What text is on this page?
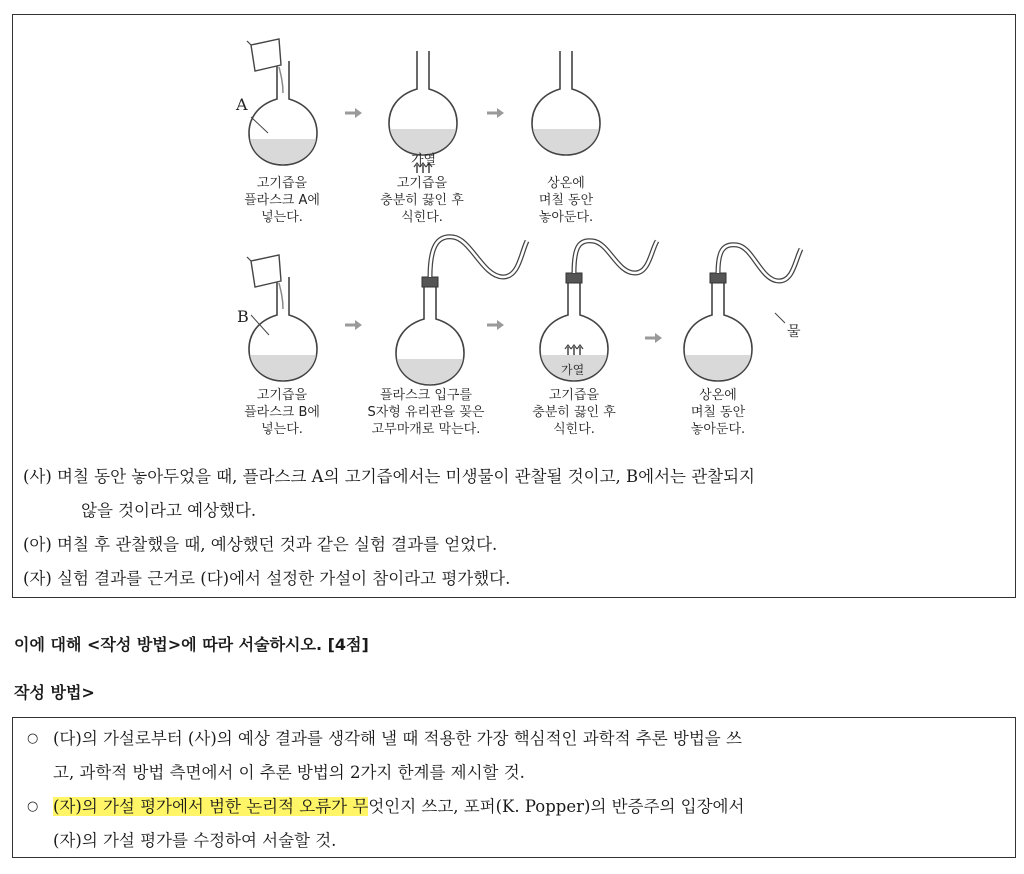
A
가열
고기즙을
플라스크 A에
넣는다.
고기즙을
충분히 끓인 후
식힌다.
상온에
며칠 동안
놓아둔다.
B
가열
물
고기즙을
플라스크 B에
넣는다.
플라스크 입구를
S자형 유리관을 꽂은
고무마개로 막는다.
고기즙을
충분히 끓인 후
식힌다.
상온에
며칠 동안
놓아둔다.
(사) 며칠 동안 놓아두었을 때, 플라스크 A의 고기즙에서는 미생물이 관찰될 것이고, B에서는 관찰되지
않을 것이라고 예상했다.
(아) 며칠 후 관찰했을 때, 예상했던 것과 같은 실험 결과를 얻었다.
(자) 실험 결과를 근거로 (다)에서 설정한 가설이 참이라고 평가했다.
이에 대해 <작성 방법>에 따라 서술하시오. [4점]
작성 방법>
○ (다)의 가설로부터 (사)의 예상 결과를 생각해 낼 때 적용한 가장 핵심적인 과학적 추론 방법을 쓰
고, 과학적 방법 측면에서 이 추론 방법의 2가지 한계를 제시할 것.
○ (자)의 가설 평가에서 범한 논리적 오류가 무엇인지 쓰고, 포퍼(K. Popper)의 반증주의 입장에서
(자)의 가설 평가를 수정하여 서술할 것.
